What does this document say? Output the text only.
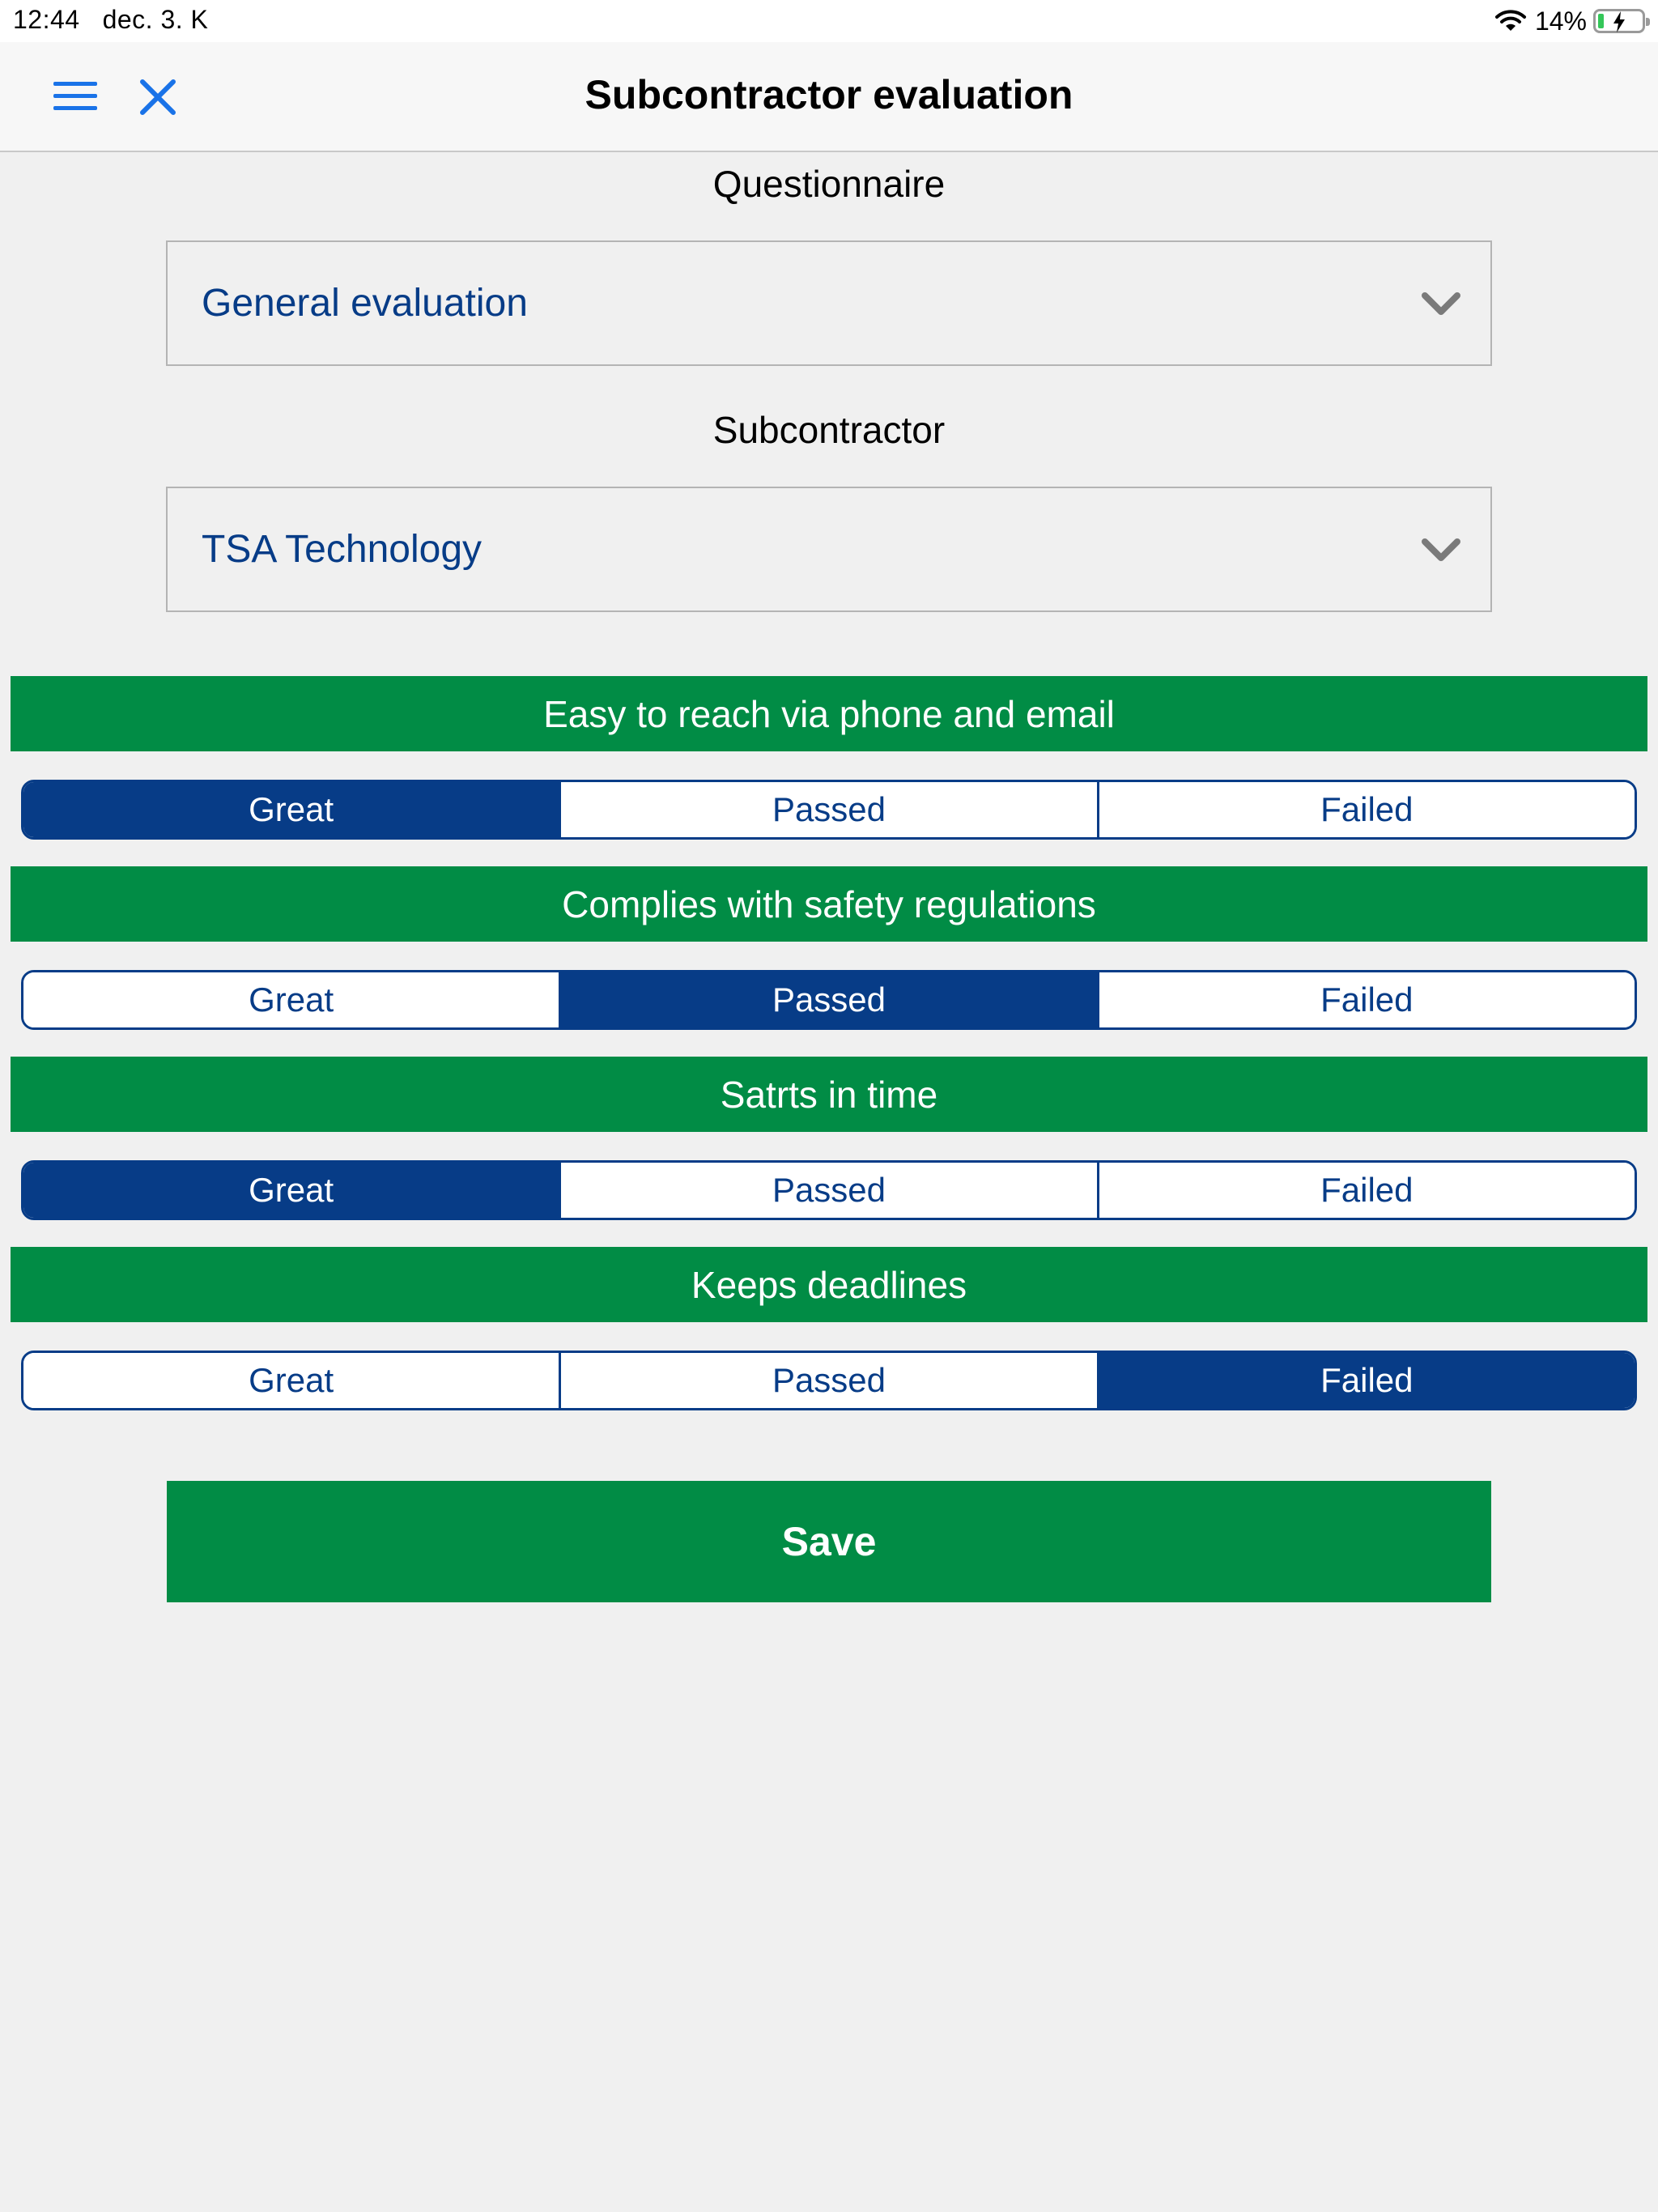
12:44 dec. 3. K	14%
Subcontractor evaluation
Questionnaire
General evaluation
Subcontractor
TSA Technology
Easy to reach via phone and email
Great	Passed	Failed
Complies with safety regulations
Great	Passed	Failed
Satrts in time
Great	Passed	Failed
Keeps deadlines
Great	Passed	Failed
Save
